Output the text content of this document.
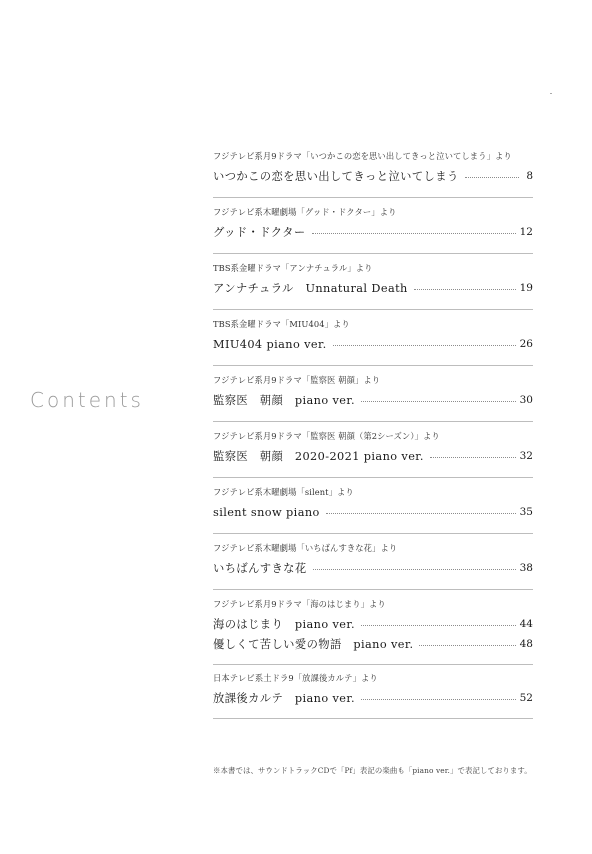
Contents
フジテレビ系月9ドラマ「いつかこの恋を思い出してきっと泣いてしまう」より
いつかこの恋を思い出してきっと泣いてしまう	8
フジテレビ系木曜劇場「グッド・ドクター」より
グッド・ドクター	12
TBS系金曜ドラマ「アンナチュラル」より
アンナチュラル　Unnatural Death	19
TBS系金曜ドラマ「MIU404」より
MIU404 piano ver.	26
フジテレビ系月9ドラマ「監察医 朝顔」より
監察医　朝顔　piano ver.	30
フジテレビ系月9ドラマ「監察医 朝顔（第2シーズン）」より
監察医　朝顔　2020-2021 piano ver.	32
フジテレビ系木曜劇場「silent」より
silent snow piano	35
フジテレビ系木曜劇場「いちばんすきな花」より
いちばんすきな花	38
フジテレビ系月9ドラマ「海のはじまり」より
海のはじまり　piano ver.	44
優しくて苦しい愛の物語　piano ver.	48
日本テレビ系土ドラ9「放課後カルテ」より
放課後カルテ　piano ver.	52
※本書では、サウンドトラックCDで「Pf」表記の楽曲も「piano ver.」で表記しております。
